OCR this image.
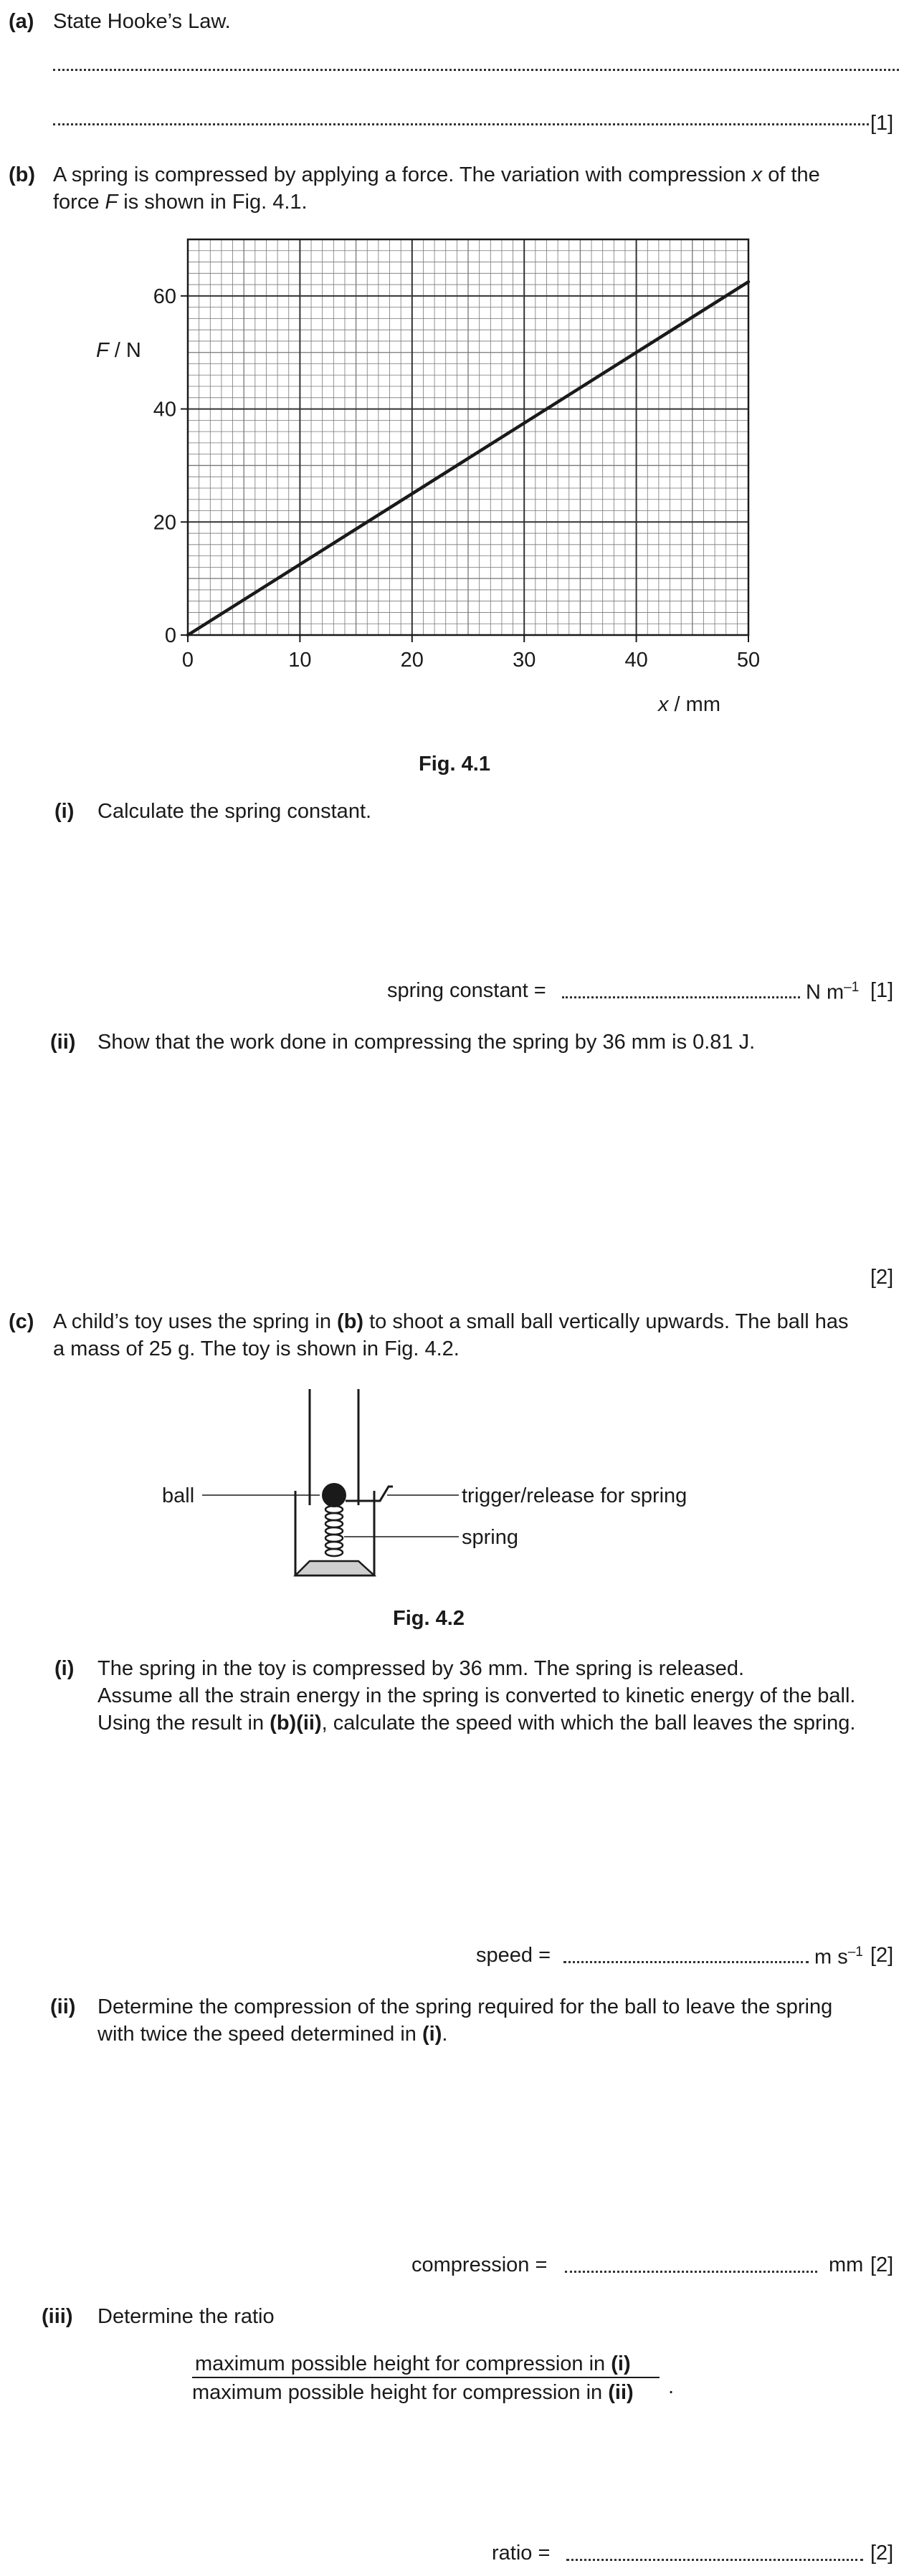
(a) State Hooke’s Law.
[1]
(b) A spring is compressed by applying a force. The variation with compression x of the
force F is shown in Fig. 4.1.
0	10	20	30	40	50
0
20
40
60
F / N
x / mm
Fig. 4.1
(i) Calculate the spring constant.
spring constant =	N $m^{-1}$ [1]
(ii) Show that the work done in compressing the spring by 36 mm is 0.81 J.
[2]
(c) A child’s toy uses the spring in (b) to shoot a small ball vertically upwards. The ball has
a mass of 25 g. The toy is shown in Fig. 4.2.
ball	trigger/release for spring
spring
Fig. 4.2
(i) The spring in the toy is compressed by 36 mm. The spring is released.
Assume all the strain energy in the spring is converted to kinetic energy of the ball.
Using the result in (b)(ii), calculate the speed with which the ball leaves the spring.
speed =	m $s^{-1}$ [2]
(ii) Determine the compression of the spring required for the ball to leave the spring
with twice the speed determined in (i).
compression =	mm [2]
(iii) Determine the ratio
maximum possible height for compression in (i)
maximum possible height for compression in (ii) .
ratio =	[2]
